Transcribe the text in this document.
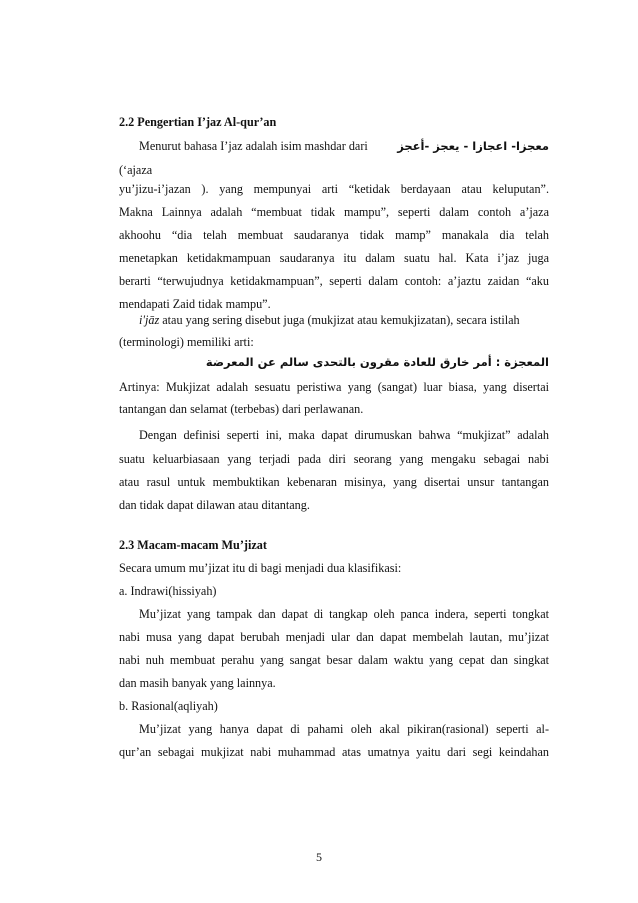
2.2 Pengertian I’jaz Al-qur’an
Menurut bahasa I’jaz adalah isim mashdar dari	معجزا- اعجازا - يعجز -أعجز
(‘ajaza
yu’jizu-i’jazan ). yang mempunyai arti “ketidak berdayaan atau keluputan”.
Makna Lainnya adalah “membuat tidak mampu”, seperti dalam contoh a’jaza
akhoohu “dia telah membuat saudaranya tidak mamp” manakala dia telah
menetapkan ketidakmampuan saudaranya itu dalam suatu hal. Kata i’jaz juga
berarti “terwujudnya ketidakmampuan”, seperti dalam contoh: a’jaztu zaidan “aku
mendapati Zaid tidak mampu”.
i'jāz atau yang sering disebut juga (mukjizat atau kemukjizatan), secara istilah
(terminologi) memiliki arti:
المعجزة : أمر خارق للعادة مقرون بالتحدى سالم عن المعرضة
Artinya: Mukjizat adalah sesuatu peristiwa yang (sangat) luar biasa, yang disertai
tantangan dan selamat (terbebas) dari perlawanan.
Dengan definisi seperti ini, maka dapat dirumuskan bahwa “mukjizat” adalah
suatu keluarbiasaan yang terjadi pada diri seorang yang mengaku sebagai nabi
atau rasul untuk membuktikan kebenaran misinya, yang disertai unsur tantangan
dan tidak dapat dilawan atau ditantang.
2.3 Macam-macam Mu’jizat
Secara umum mu’jizat itu di bagi menjadi dua klasifikasi:
a. Indrawi(hissiyah)
Mu’jizat yang tampak dan dapat di tangkap oleh panca indera, seperti tongkat
nabi musa yang dapat berubah menjadi ular dan dapat membelah lautan, mu’jizat
nabi nuh membuat perahu yang sangat besar dalam waktu yang cepat dan singkat
dan masih banyak yang lainnya.
b. Rasional(aqliyah)
Mu’jizat yang hanya dapat di pahami oleh akal pikiran(rasional) seperti al-
qur’an sebagai mukjizat nabi muhammad atas umatnya yaitu dari segi keindahan
5
